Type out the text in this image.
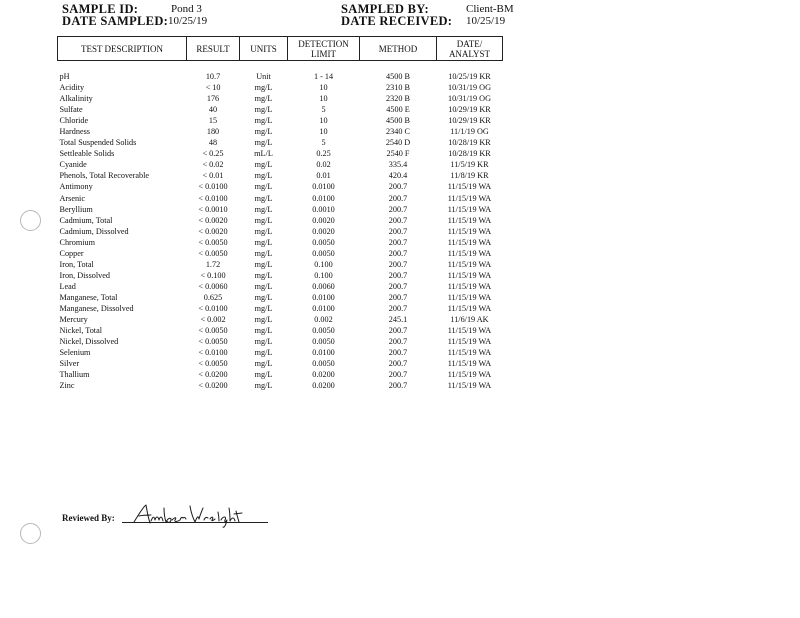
SAMPLE ID:	Pond 3
DATE SAMPLED: 10/25/19
SAMPLED BY:	Client-BM
DATE RECEIVED: 10/25/19
TEST DESCRIPTION	RESULT	UNITS	DETECTION LIMIT	METHOD	DATE/ ANALYST
pH	10.7	Unit	1 - 14	4500 B	10/25/19 KR
Acidity	< 10	mg/L	10	2310 B	10/31/19 OG
Alkalinity	176	mg/L	10	2320 B	10/31/19 OG
Sulfate	40	mg/L	5	4500 E	10/29/19 KR
Chloride	15	mg/L	10	4500 B	10/29/19 KR
Hardness	180	mg/L	10	2340 C	11/1/19 OG
Total Suspended Solids	48	mg/L	5	2540 D	10/28/19 KR
Settleable Solids	< 0.25	mL/L	0.25	2540 F	10/28/19 KR
Cyanide	< 0.02	mg/L	0.02	335.4	11/5/19 KR
Phenols, Total Recoverable	< 0.01	mg/L	0.01	420.4	11/8/19 KR
Antimony	< 0.0100	mg/L	0.0100	200.7	11/15/19 WA
Arsenic	< 0.0100	mg/L	0.0100	200.7	11/15/19 WA
Beryllium	< 0.0010	mg/L	0.0010	200.7	11/15/19 WA
Cadmium, Total	< 0.0020	mg/L	0.0020	200.7	11/15/19 WA
Cadmium, Dissolved	< 0.0020	mg/L	0.0020	200.7	11/15/19 WA
Chromium	< 0.0050	mg/L	0.0050	200.7	11/15/19 WA
Copper	< 0.0050	mg/L	0.0050	200.7	11/15/19 WA
Iron, Total	1.72	mg/L	0.100	200.7	11/15/19 WA
Iron, Dissolved	< 0.100	mg/L	0.100	200.7	11/15/19 WA
Lead	< 0.0060	mg/L	0.0060	200.7	11/15/19 WA
Manganese, Total	0.625	mg/L	0.0100	200.7	11/15/19 WA
Manganese, Dissolved	< 0.0100	mg/L	0.0100	200.7	11/15/19 WA
Mercury	< 0.002	mg/L	0.002	245.1	11/6/19 AK
Nickel, Total	< 0.0050	mg/L	0.0050	200.7	11/15/19 WA
Nickel, Dissolved	< 0.0050	mg/L	0.0050	200.7	11/15/19 WA
Selenium	< 0.0100	mg/L	0.0100	200.7	11/15/19 WA
Silver	< 0.0050	mg/L	0.0050	200.7	11/15/19 WA
Thallium	< 0.0200	mg/L	0.0200	200.7	11/15/19 WA
Zinc	< 0.0200	mg/L	0.0200	200.7	11/15/19 WA
Reviewed By:
